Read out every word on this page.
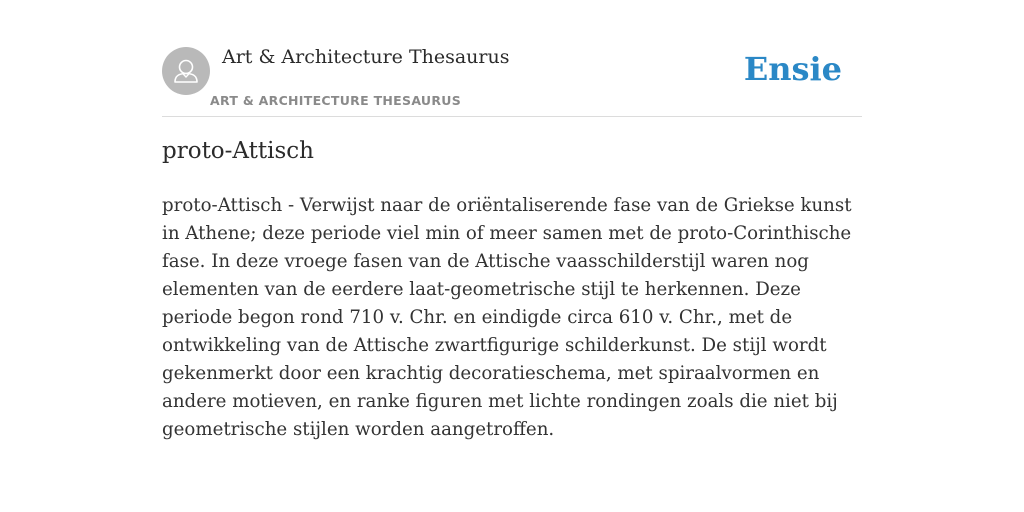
Art & Architecture Thesaurus
ART & ARCHITECTURE THESAURUS
Ensie
proto-Attisch

proto-Attisch - Verwijst naar de oriëntaliserende fase van de Griekse kunst in Athene; deze periode viel min of meer samen met de proto-Corinthische fase. In deze vroege fasen van de Attische vaasschilderstijl waren nog elementen van de eerdere laat-geometrische stijl te herkennen. Deze periode begon rond 710 v. Chr. en eindigde circa 610 v. Chr., met de ontwikkeling van de Attische zwartfigurige schilderkunst. De stijl wordt gekenmerkt door een krachtig decoratieschema, met spiraalvormen en andere motieven, en ranke figuren met lichte rondingen zoals die niet bij geometrische stijlen worden aangetroffen.
